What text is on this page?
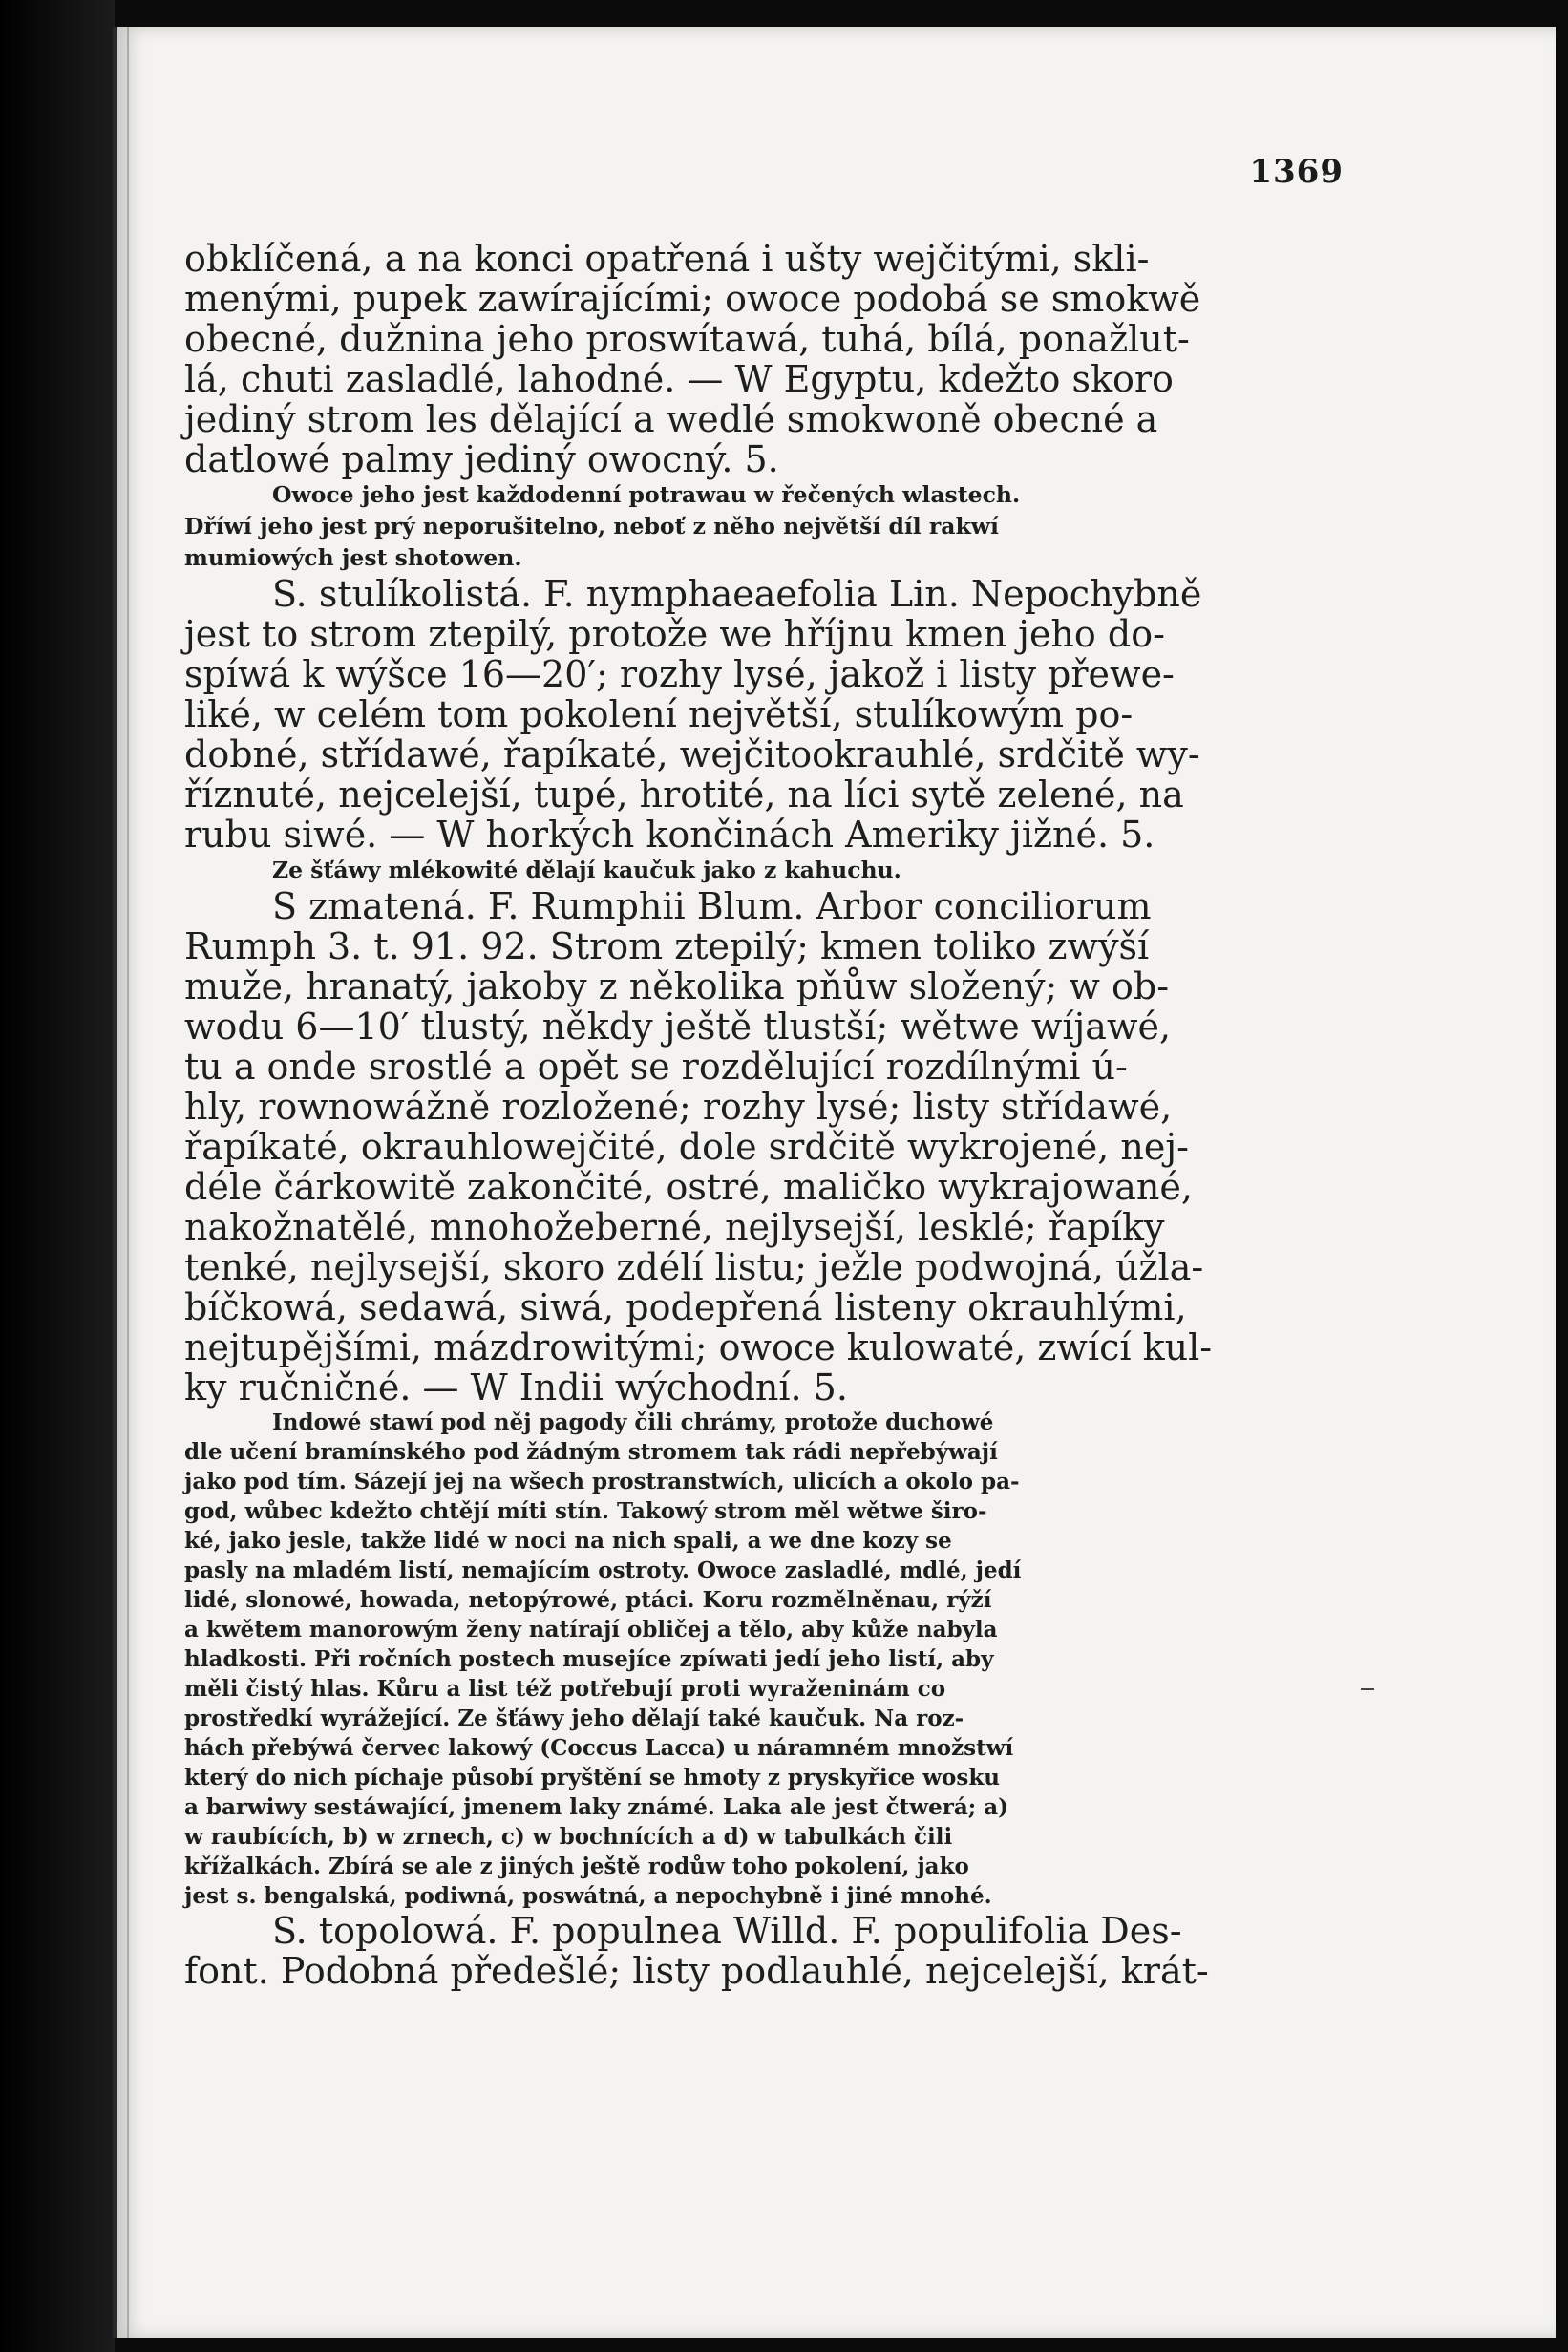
1369
obklíčená, a na konci opatřená i ušty wejčitými, skli-
menými, pupek zawírajícími; owoce podobá se smokwě
obecné, dužnina jeho proswítawá, tuhá, bílá, ponažlut-
lá, chuti zasladlé, lahodné. — W Egyptu, kdežto skoro
jediný strom les dělající a wedlé smokwoně obecné a
datlowé palmy jediný owocný. 5.
Owoce jeho jest každodenní potrawau w řečených wlastech.
Dříwí jeho jest prý neporušitelno, neboť z něho největší díl rakwí
mumiowých jest shotowen.
S. stulíkolistá. F. nymphaeaefolia Lin. Nepochybně
jest to strom ztepilý, protože we hříjnu kmen jeho do-
spíwá k wýšce 16—20′; rozhy lysé, jakož i listy přewe-
liké, w celém tom pokolení největší, stulíkowým po-
dobné, střídawé, řapíkaté, wejčitookrauhlé, srdčitě wy-
říznuté, nejcelejší, tupé, hrotité, na líci sytě zelené, na
rubu siwé. — W horkých končinách Ameriky jižné. 5.
Ze šťáwy mlékowité dělají kaučuk jako z kahuchu.
S zmatená. F. Rumphii Blum. Arbor conciliorum
Rumph 3. t. 91. 92. Strom ztepilý; kmen toliko zwýší
muže, hranatý, jakoby z několika pňůw složený; w ob-
wodu 6—10′ tlustý, někdy ještě tlustší; wětwe wíjawé,
tu a onde srostlé a opět se rozdělující rozdílnými ú-
hly, rownowážně rozložené; rozhy lysé; listy střídawé,
řapíkaté, okrauhlowejčité, dole srdčitě wykrojené, nej-
déle čárkowitě zakončité, ostré, maličko wykrajowané,
nakožnatělé, mnohožeberné, nejlysejší, lesklé; řapíky
tenké, nejlysejší, skoro zdélí listu; ježle podwojná, úžla-
bíčkowá, sedawá, siwá, podepřená listeny okrauhlými,
nejtupějšími, mázdrowitými; owoce kulowaté, zwící kul-
ky ručničné. — W Indii wýchodní. 5.
Indowé stawí pod něj pagody čili chrámy, protože duchowé
dle učení bramínského pod žádným stromem tak rádi nepřebýwají
jako pod tím. Sázejí jej na wšech prostranstwích, ulicích a okolo pa-
god, wůbec kdežto chtějí míti stín. Takowý strom měl wětwe širo-
ké, jako jesle, takže lidé w noci na nich spali, a we dne kozy se
pasly na mladém listí, nemajícím ostroty. Owoce zasladlé, mdlé, jedí
lidé, slonowé, howada, netopýrowé, ptáci. Koru rozmělněnau, rýží
a kwětem manorowým ženy natírají obličej a tělo, aby kůže nabyla
hladkosti. Při ročních postech musejíce zpíwati jedí jeho listí, aby
měli čistý hlas. Kůru a list též potřebují proti wyraženinám co
prostředkí wyrážející. Ze šťáwy jeho dělají také kaučuk. Na roz-
hách přebýwá červec lakowý (Coccus Lacca) u náramném množstwí
který do nich píchaje působí pryštění se hmoty z pryskyřice wosku
a barwiwy sestáwající, jmenem laky známé. Laka ale jest čtwerá; a)
w raubících, b) w zrnech, c) w bochnících a d) w tabulkách čili
křížalkách. Zbírá se ale z jiných ještě rodůw toho pokolení, jako
jest s. bengalská, podiwná, poswátná, a nepochybně i jiné mnohé.
S. topolowá. F. populnea Willd. F. populifolia Des-
font. Podobná předešlé; listy podlauhlé, nejcelejší, krát-
